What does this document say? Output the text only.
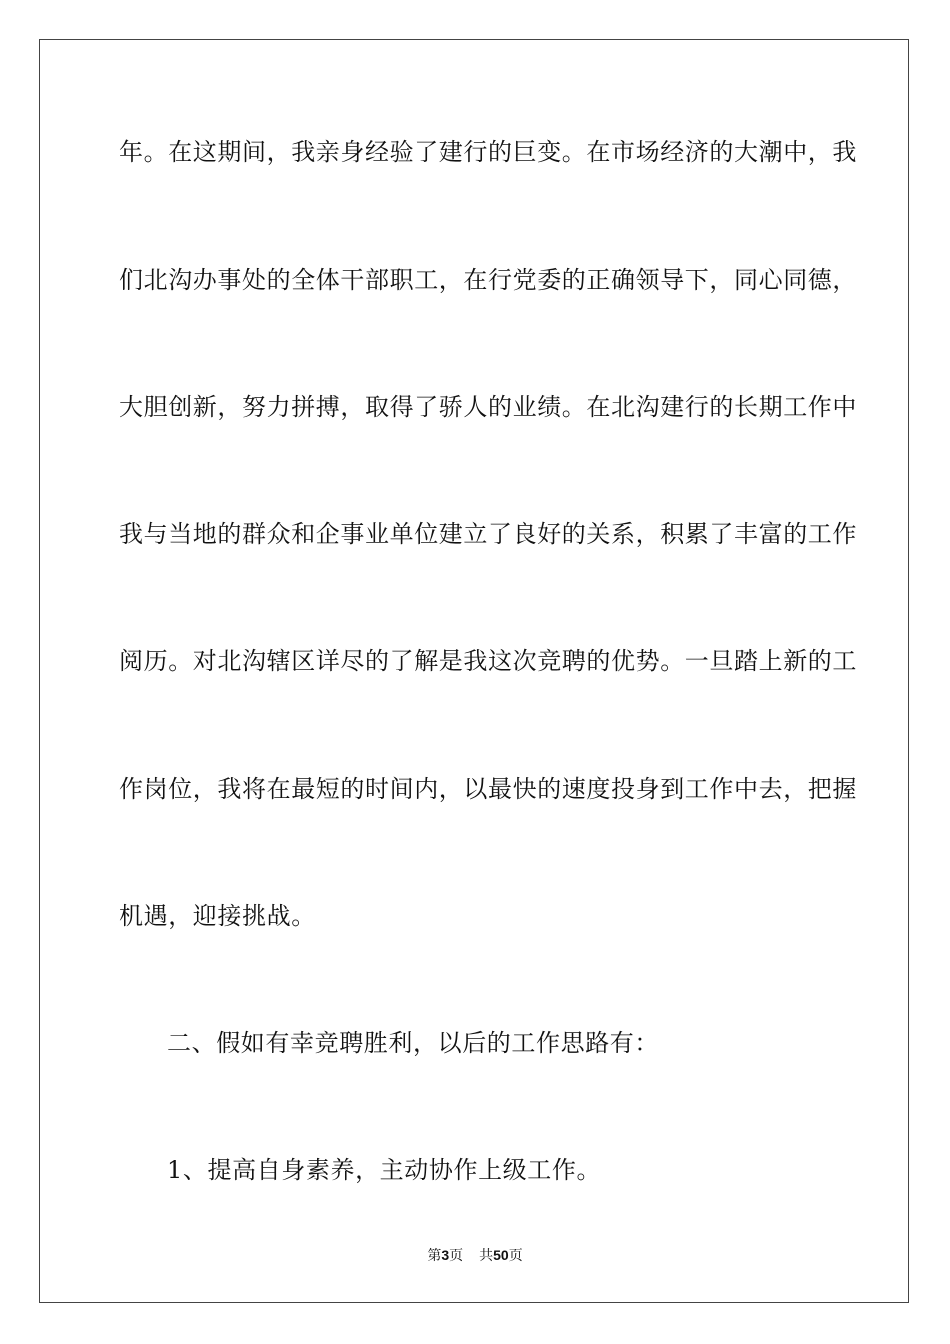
年。在这期间，我亲身经验了建行的巨变。在市场经济的大潮中，我
们北沟办事处的全体干部职工，在行党委的正确领导下，同心同德，
大胆创新，努力拼搏，取得了骄人的业绩。在北沟建行的长期工作中
我与当地的群众和企事业单位建立了良好的关系，积累了丰富的工作
阅历。对北沟辖区详尽的了解是我这次竞聘的优势。一旦踏上新的工
作岗位，我将在最短的时间内，以最快的速度投身到工作中去，把握
机遇，迎接挑战。
二、假如有幸竞聘胜利，以后的工作思路有：
1、提高自身素养，主动协作上级工作。
第3页 共50页
